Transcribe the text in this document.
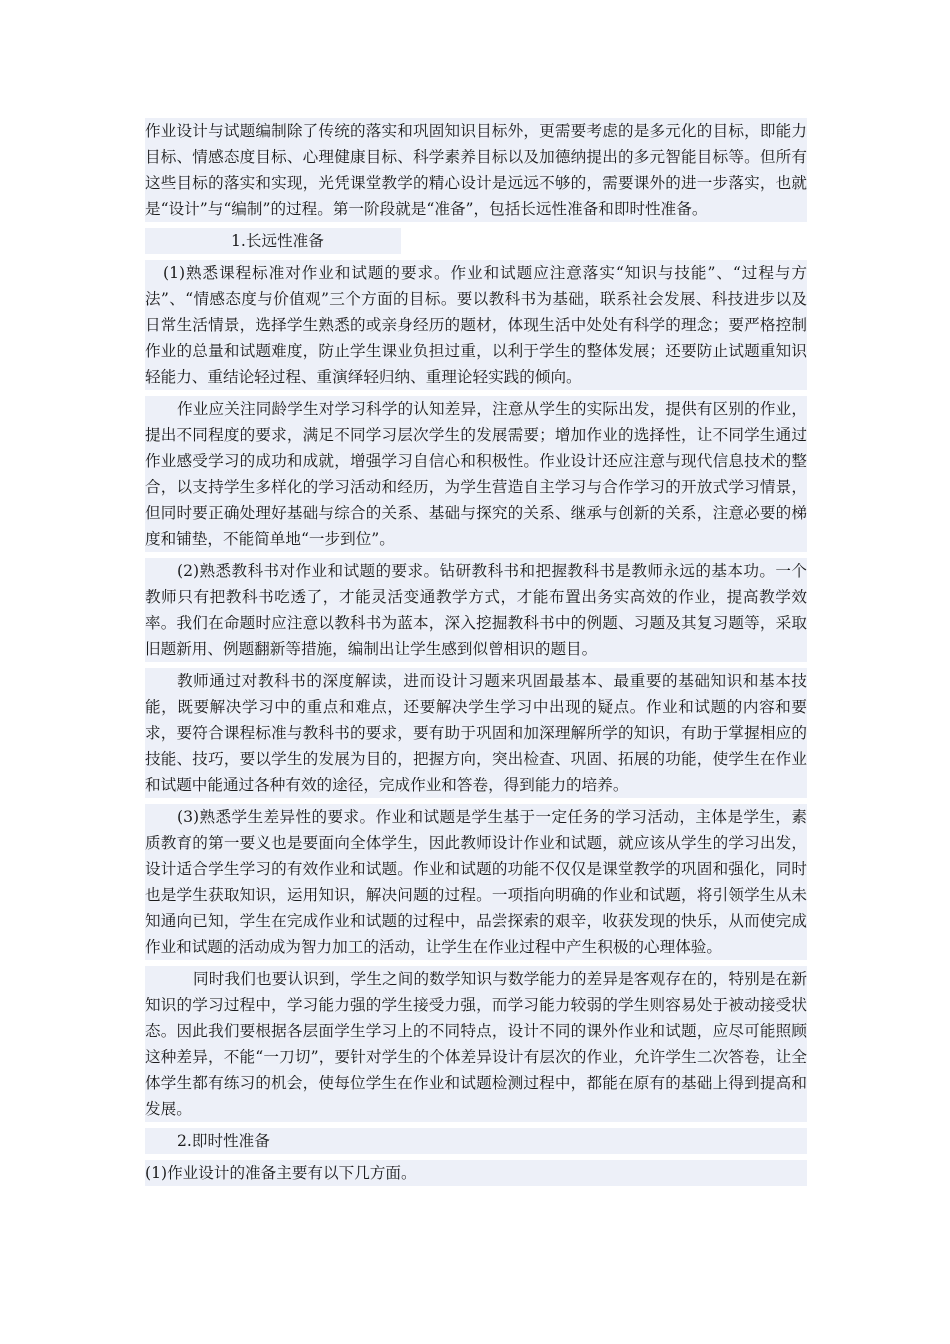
作业设计与试题编制除了传统的落实和巩固知识目标外，更需要考虑的是多元化的目标，即能力目标、情感态度目标、心理健康目标、科学素养目标以及加德纳提出的多元智能目标等。但所有这些目标的落实和实现，光凭课堂教学的精心设计是远远不够的，需要课外的进一步落实，也就是“设计”与“编制”的过程。第一阶段就是“准备”，包括长远性准备和即时性准备。

1.长远性准备

(1)熟悉课程标准对作业和试题的要求。作业和试题应注意落实“知识与技能”、“过程与方法”、“情感态度与价值观”三个方面的目标。要以教科书为基础，联系社会发展、科技进步以及日常生活情景，选择学生熟悉的或亲身经历的题材，体现生活中处处有科学的理念；要严格控制作业的总量和试题难度，防止学生课业负担过重，以利于学生的整体发展；还要防止试题重知识轻能力、重结论轻过程、重演绎轻归纳、重理论轻实践的倾向。

作业应关注同龄学生对学习科学的认知差异，注意从学生的实际出发，提供有区别的作业，提出不同程度的要求，满足不同学习层次学生的发展需要；增加作业的选择性，让不同学生通过作业感受学习的成功和成就，增强学习自信心和积极性。作业设计还应注意与现代信息技术的整合，以支持学生多样化的学习活动和经历，为学生营造自主学习与合作学习的开放式学习情景，但同时要正确处理好基础与综合的关系、基础与探究的关系、继承与创新的关系，注意必要的梯度和铺垫，不能简单地“一步到位”。

(2)熟悉教科书对作业和试题的要求。钻研教科书和把握教科书是教师永远的基本功。一个教师只有把教科书吃透了，才能灵活变通教学方式，才能布置出务实高效的作业，提高教学效率。我们在命题时应注意以教科书为蓝本，深入挖掘教科书中的例题、习题及其复习题等，采取旧题新用、例题翻新等措施，编制出让学生感到似曾相识的题目。

教师通过对教科书的深度解读，进而设计习题来巩固最基本、最重要的基础知识和基本技能，既要解决学习中的重点和难点，还要解决学生学习中出现的疑点。作业和试题的内容和要求，要符合课程标准与教科书的要求，要有助于巩固和加深理解所学的知识，有助于掌握相应的技能、技巧，要以学生的发展为目的，把握方向，突出检查、巩固、拓展的功能，使学生在作业和试题中能通过各种有效的途径，完成作业和答卷，得到能力的培养。

(3)熟悉学生差异性的要求。作业和试题是学生基于一定任务的学习活动，主体是学生，素质教育的第一要义也是要面向全体学生，因此教师设计作业和试题，就应该从学生的学习出发，设计适合学生学习的有效作业和试题。作业和试题的功能不仅仅是课堂教学的巩固和强化，同时也是学生获取知识，运用知识，解决问题的过程。一项指向明确的作业和试题，将引领学生从未知通向已知，学生在完成作业和试题的过程中，品尝探索的艰辛，收获发现的快乐，从而使完成作业和试题的活动成为智力加工的活动，让学生在作业过程中产生积极的心理体验。

同时我们也要认识到，学生之间的数学知识与数学能力的差异是客观存在的，特别是在新知识的学习过程中，学习能力强的学生接受力强，而学习能力较弱的学生则容易处于被动接受状态。因此我们要根据各层面学生学习上的不同特点，设计不同的课外作业和试题，应尽可能照顾这种差异，不能“一刀切”，要针对学生的个体差异设计有层次的作业，允许学生二次答卷，让全体学生都有练习的机会，使每位学生在作业和试题检测过程中，都能在原有的基础上得到提高和发展。

2.即时性准备

(1)作业设计的准备主要有以下几方面。
